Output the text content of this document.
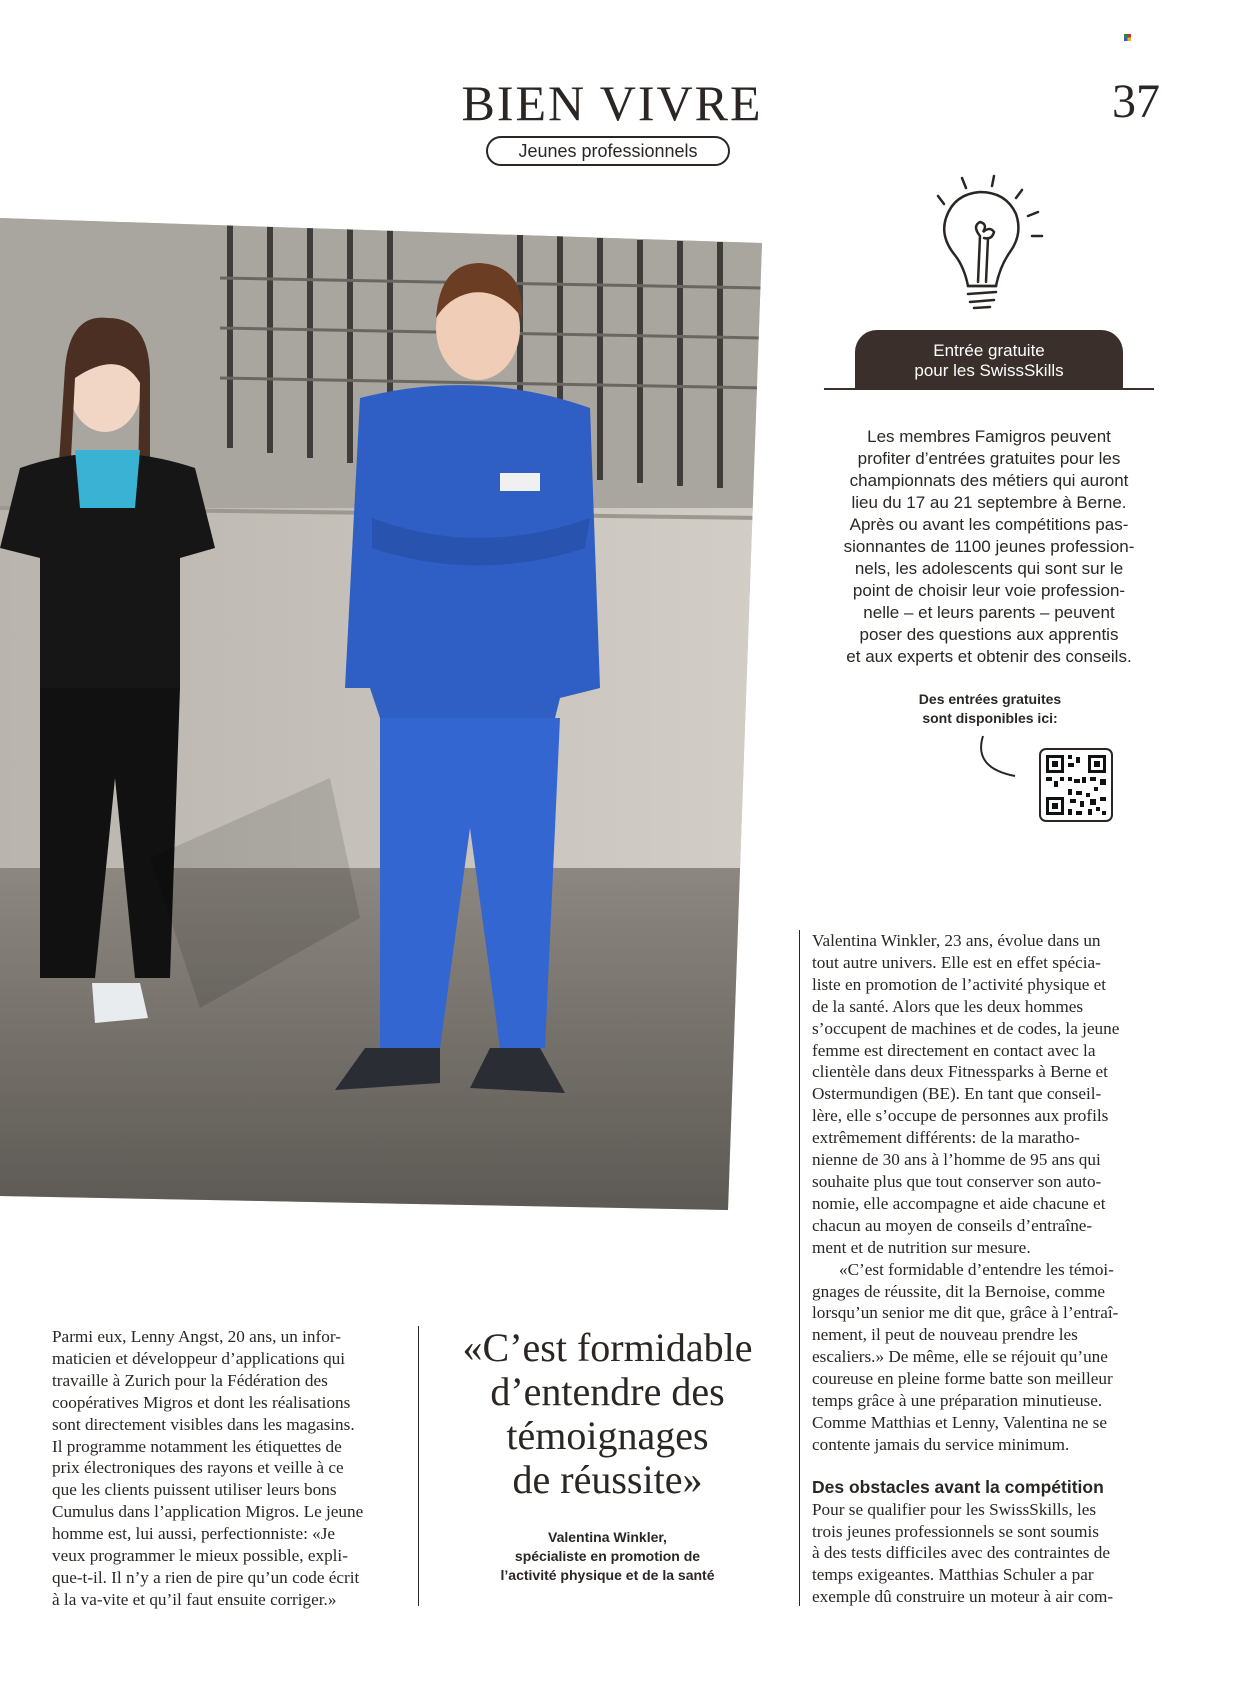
BIEN VIVRE	37
Jeunes professionnels
Entrée gratuite
pour les SwissSkills
Les membres Famigros peuvent
profiter d’entrées gratuites pour les
championnats des métiers qui auront
lieu du 17 au 21 septembre à Berne.
Après ou avant les compétitions pas-
sionnantes de 1100 jeunes profession-
nels, les adolescents qui sont sur le
point de choisir leur voie profession-
nelle – et leurs parents – peuvent
poser des questions aux apprentis
et aux experts et obtenir des conseils.
Des entrées gratuites
sont disponibles ici:
Parmi eux, Lenny Angst, 20 ans, un infor-
maticien et développeur d’applications qui
travaille à Zurich pour la Fédération des
coopératives Migros et dont les réalisations
sont directement visibles dans les magasins.
Il programme notamment les étiquettes de
prix électroniques des rayons et veille à ce
que les clients puissent utiliser leurs bons
Cumulus dans l’application Migros. Le jeune
homme est, lui aussi, perfectionniste: «Je
veux programmer le mieux possible, expli-
que-t-il. Il n’y a rien de pire qu’un code écrit
à la va-vite et qu’il faut ensuite corriger.»
«C’est formidable
d’entendre des
témoignages
de réussite»
Valentina Winkler,
spécialiste en promotion de
l’activité physique et de la santé
Valentina Winkler, 23 ans, évolue dans un
tout autre univers. Elle est en effet spécia-
liste en promotion de l’activité physique et
de la santé. Alors que les deux hommes
s’occupent de machines et de codes, la jeune
femme est directement en contact avec la
clientèle dans deux Fitnessparks à Berne et
Ostermundigen (BE). En tant que conseil-
lère, elle s’occupe de personnes aux profils
extrêmement différents: de la maratho-
nienne de 30 ans à l’homme de 95 ans qui
souhaite plus que tout conserver son auto-
nomie, elle accompagne et aide chacune et
chacun au moyen de conseils d’entraîne-
ment et de nutrition sur mesure.
«C’est formidable d’entendre les témoi-
gnages de réussite, dit la Bernoise, comme
lorsqu’un senior me dit que, grâce à l’entraî-
nement, il peut de nouveau prendre les
escaliers.» De même, elle se réjouit qu’une
coureuse en pleine forme batte son meilleur
temps grâce à une préparation minutieuse.
Comme Matthias et Lenny, Valentina ne se
contente jamais du service minimum.

Des obstacles avant la compétition

Pour se qualifier pour les SwissSkills, les
trois jeunes professionnels se sont soumis
à des tests difficiles avec des contraintes de
temps exigeantes. Matthias Schuler a par
exemple dû construire un moteur à air com-
